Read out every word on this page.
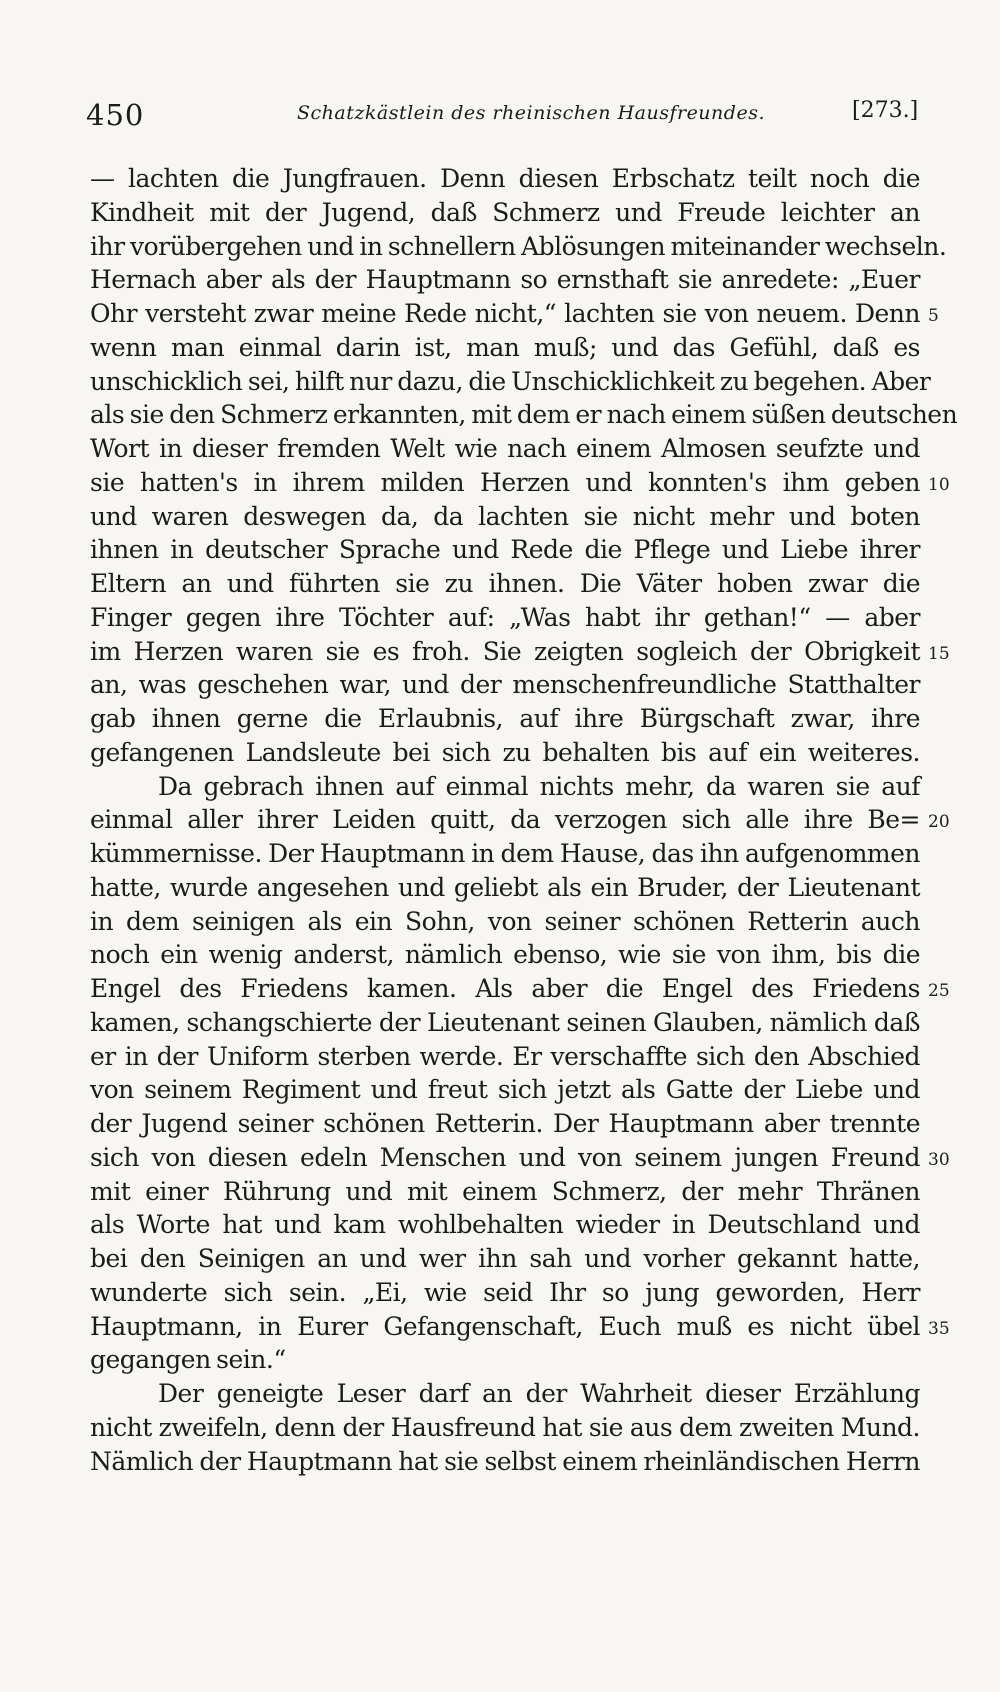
450	Schatzkästlein des rheinischen Hausfreundes.	[273.]
— lachten die Jungfrauen. Denn diesen Erbschatz teilt noch die
Kindheit mit der Jugend, daß Schmerz und Freude leichter an
ihr vorübergehen und in schnellern Ablösungen miteinander wechseln.
Hernach aber als der Hauptmann so ernsthaft sie anredete: „Euer
Ohr versteht zwar meine Rede nicht,“ lachten sie von neuem. Denn 5
wenn man einmal darin ist, man muß; und das Gefühl, daß es
unschicklich sei, hilft nur dazu, die Unschicklichkeit zu begehen. Aber
als sie den Schmerz erkannten, mit dem er nach einem süßen deutschen
Wort in dieser fremden Welt wie nach einem Almosen seufzte und
sie hatten's in ihrem milden Herzen und konnten's ihm geben 10
und waren deswegen da, da lachten sie nicht mehr und boten
ihnen in deutscher Sprache und Rede die Pflege und Liebe ihrer
Eltern an und führten sie zu ihnen. Die Väter hoben zwar die
Finger gegen ihre Töchter auf: „Was habt ihr gethan!“ — aber
im Herzen waren sie es froh. Sie zeigten sogleich der Obrigkeit 15
an, was geschehen war, und der menschenfreundliche Statthalter
gab ihnen gerne die Erlaubnis, auf ihre Bürgschaft zwar, ihre
gefangenen Landsleute bei sich zu behalten bis auf ein weiteres.
Da gebrach ihnen auf einmal nichts mehr, da waren sie auf
einmal aller ihrer Leiden quitt, da verzogen sich alle ihre Be= 20
kümmernisse. Der Hauptmann in dem Hause, das ihn aufgenommen
hatte, wurde angesehen und geliebt als ein Bruder, der Lieutenant
in dem seinigen als ein Sohn, von seiner schönen Retterin auch
noch ein wenig anderst, nämlich ebenso, wie sie von ihm, bis die
Engel des Friedens kamen. Als aber die Engel des Friedens 25
kamen, schangschierte der Lieutenant seinen Glauben, nämlich daß
er in der Uniform sterben werde. Er verschaffte sich den Abschied
von seinem Regiment und freut sich jetzt als Gatte der Liebe und
der Jugend seiner schönen Retterin. Der Hauptmann aber trennte
sich von diesen edeln Menschen und von seinem jungen Freund 30
mit einer Rührung und mit einem Schmerz, der mehr Thränen
als Worte hat und kam wohlbehalten wieder in Deutschland und
bei den Seinigen an und wer ihn sah und vorher gekannt hatte,
wunderte sich sein. „Ei, wie seid Ihr so jung geworden, Herr
Hauptmann, in Eurer Gefangenschaft, Euch muß es nicht übel 35
gegangen sein.“
Der geneigte Leser darf an der Wahrheit dieser Erzählung
nicht zweifeln, denn der Hausfreund hat sie aus dem zweiten Mund.
Nämlich der Hauptmann hat sie selbst einem rheinländischen Herrn
